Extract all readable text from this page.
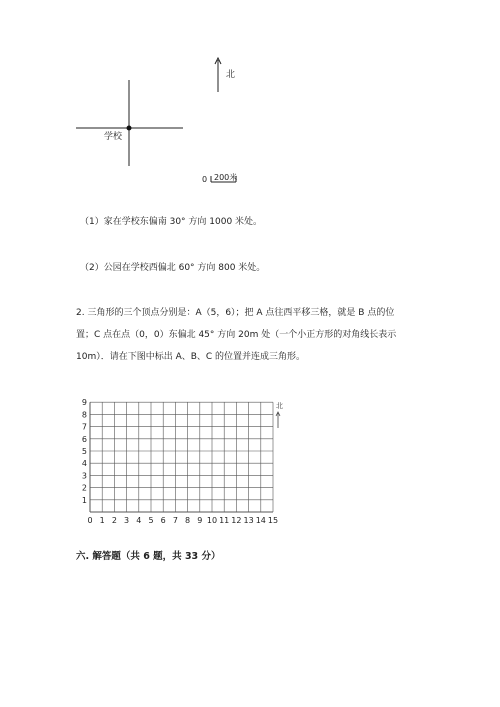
北
学校
0 200米
（1）家在学校东偏南 30° 方向 1000 米处。
（2）公园在学校西偏北 60° 方向 800 米处。
2. 三角形的三个顶点分别是：A（5，6）；把 A 点往西平移三格，就是 B 点的位
置；C 点在点（0，0）东偏北 45° 方向 20m 处（一个小正方形的对角线长表示
10m）．请在下图中标出 A、B、C 的位置并连成三角形。
0 1 2 3 4 5 6 7 8 9 10 11 12 13 14 15
1
2
3
4
5
6
7
8
9	北
六. 解答题（共 6 题，共 33 分）
